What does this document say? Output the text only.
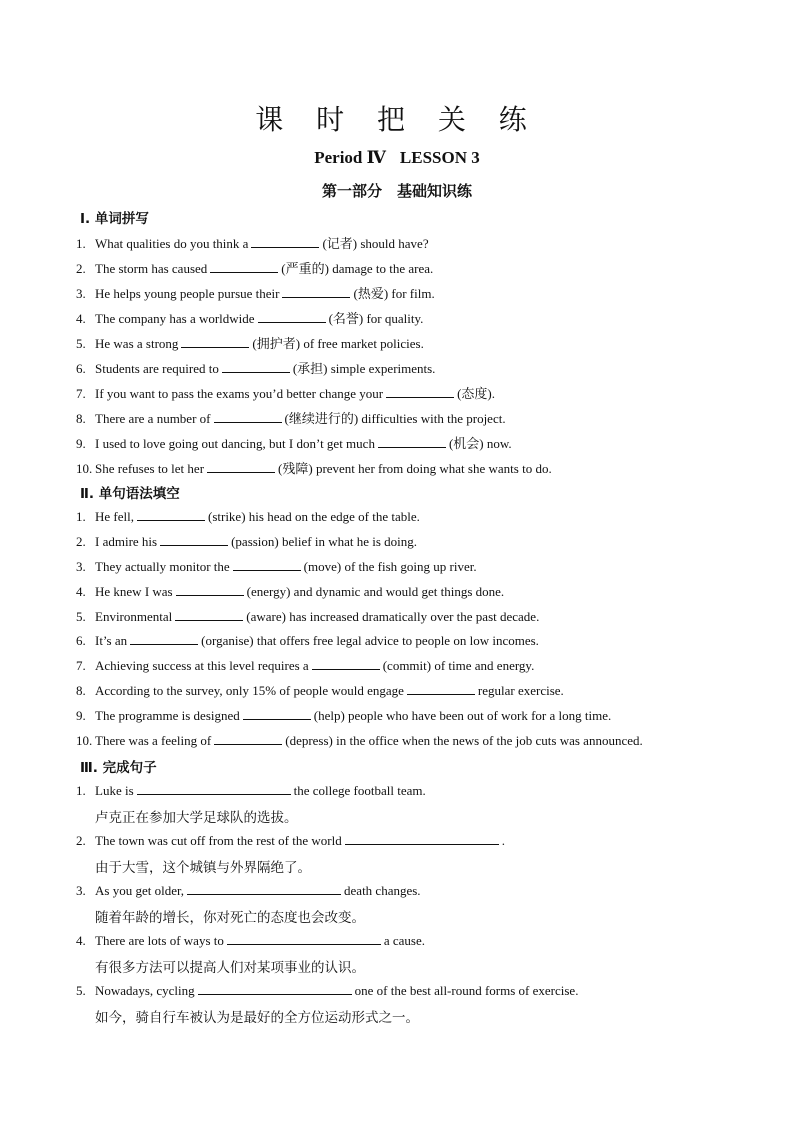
课 时 把 关 练
Period Ⅳ LESSON 3
第一部分　基础知识练
Ⅰ. 单词拼写
1. What qualities do you think a	(记者) should have?
2. The storm has caused	(严重的) damage to the area.
3. He helps young people pursue their	(热爱) for film.
4. The company has a worldwide	(名誉) for quality.
5. He was a strong	(拥护者) of free market policies.
6. Students are required to	(承担) simple experiments.
7. If you want to pass the exams you’d better change your	(态度).
8. There are a number of	(继续进行的) difficulties with the project.
9. I used to love going out dancing, but I don’t get much	(机会) now.
10. She refuses to let her	(残障) prevent her from doing what she wants to do.
Ⅱ. 单句语法填空
1. He fell,	(strike) his head on the edge of the table.
2. I admire his	(passion) belief in what he is doing.
3. They actually monitor the	(move) of the fish going up river.
4. He knew I was	(energy) and dynamic and would get things done.
5. Environmental	(aware) has increased dramatically over the past decade.
6. It’s an	(organise) that offers free legal advice to people on low incomes.
7. Achieving success at this level requires a	(commit) of time and energy.
8. According to the survey, only 15% of people would engage	regular exercise.
9. The programme is designed	(help) people who have been out of work for a long time.
10. There was a feeling of	(depress) in the office when the news of the job cuts was announced.
Ⅲ. 完成句子
1. Luke is	the college football team.
卢克正在参加大学足球队的选拔。
2. The town was cut off from the rest of the world	.
由于大雪，这个城镇与外界隔绝了。
3. As you get older,	death changes.
随着年龄的增长，你对死亡的态度也会改变。
4. There are lots of ways to	a cause.
有很多方法可以提高人们对某项事业的认识。
5. Nowadays, cycling	one of the best all-round forms of exercise.
如今，骑自行车被认为是最好的全方位运动形式之一。
